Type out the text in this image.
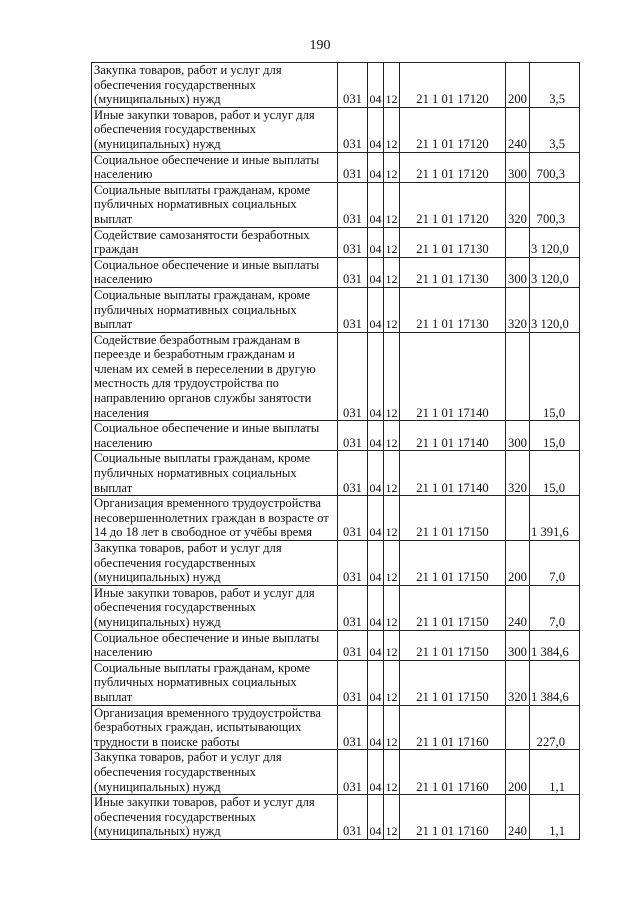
190
Закупка товаров, работ и услуг для обеспечения государственных (муниципальных) нужд	031	04	12	21 1 01 17120	200	3,5
Иные закупки товаров, работ и услуг для обеспечения государственных (муниципальных) нужд	031	04	12	21 1 01 17120	240	3,5
Социальное обеспечение и иные выплаты населению	031	04	12	21 1 01 17120	300	700,3
Социальные выплаты гражданам, кроме публичных нормативных социальных выплат	031	04	12	21 1 01 17120	320	700,3
Содействие самозанятости безработных граждан	031	04	12	21 1 01 17130		3 120,0
Социальное обеспечение и иные выплаты населению	031	04	12	21 1 01 17130	300	3 120,0
Социальные выплаты гражданам, кроме публичных нормативных социальных выплат	031	04	12	21 1 01 17130	320	3 120,0
Содействие безработным гражданам в переезде и безработным гражданам и членам их семей в переселении в другую местность для трудоустройства по направлению органов службы занятости населения	031	04	12	21 1 01 17140		15,0
Социальное обеспечение и иные выплаты населению	031	04	12	21 1 01 17140	300	15,0
Социальные выплаты гражданам, кроме публичных нормативных социальных выплат	031	04	12	21 1 01 17140	320	15,0
Организация временного трудоустройства несовершеннолетних граждан в возрасте от 14 до 18 лет в свободное от учёбы время	031	04	12	21 1 01 17150		1 391,6
Закупка товаров, работ и услуг для обеспечения государственных (муниципальных) нужд	031	04	12	21 1 01 17150	200	7,0
Иные закупки товаров, работ и услуг для обеспечения государственных (муниципальных) нужд	031	04	12	21 1 01 17150	240	7,0
Социальное обеспечение и иные выплаты населению	031	04	12	21 1 01 17150	300	1 384,6
Социальные выплаты гражданам, кроме публичных нормативных социальных выплат	031	04	12	21 1 01 17150	320	1 384,6
Организация временного трудоустройства безработных граждан, испытывающих трудности в поиске работы	031	04	12	21 1 01 17160		227,0
Закупка товаров, работ и услуг для обеспечения государственных (муниципальных) нужд	031	04	12	21 1 01 17160	200	1,1
Иные закупки товаров, работ и услуг для обеспечения государственных (муниципальных) нужд	031	04	12	21 1 01 17160	240	1,1
